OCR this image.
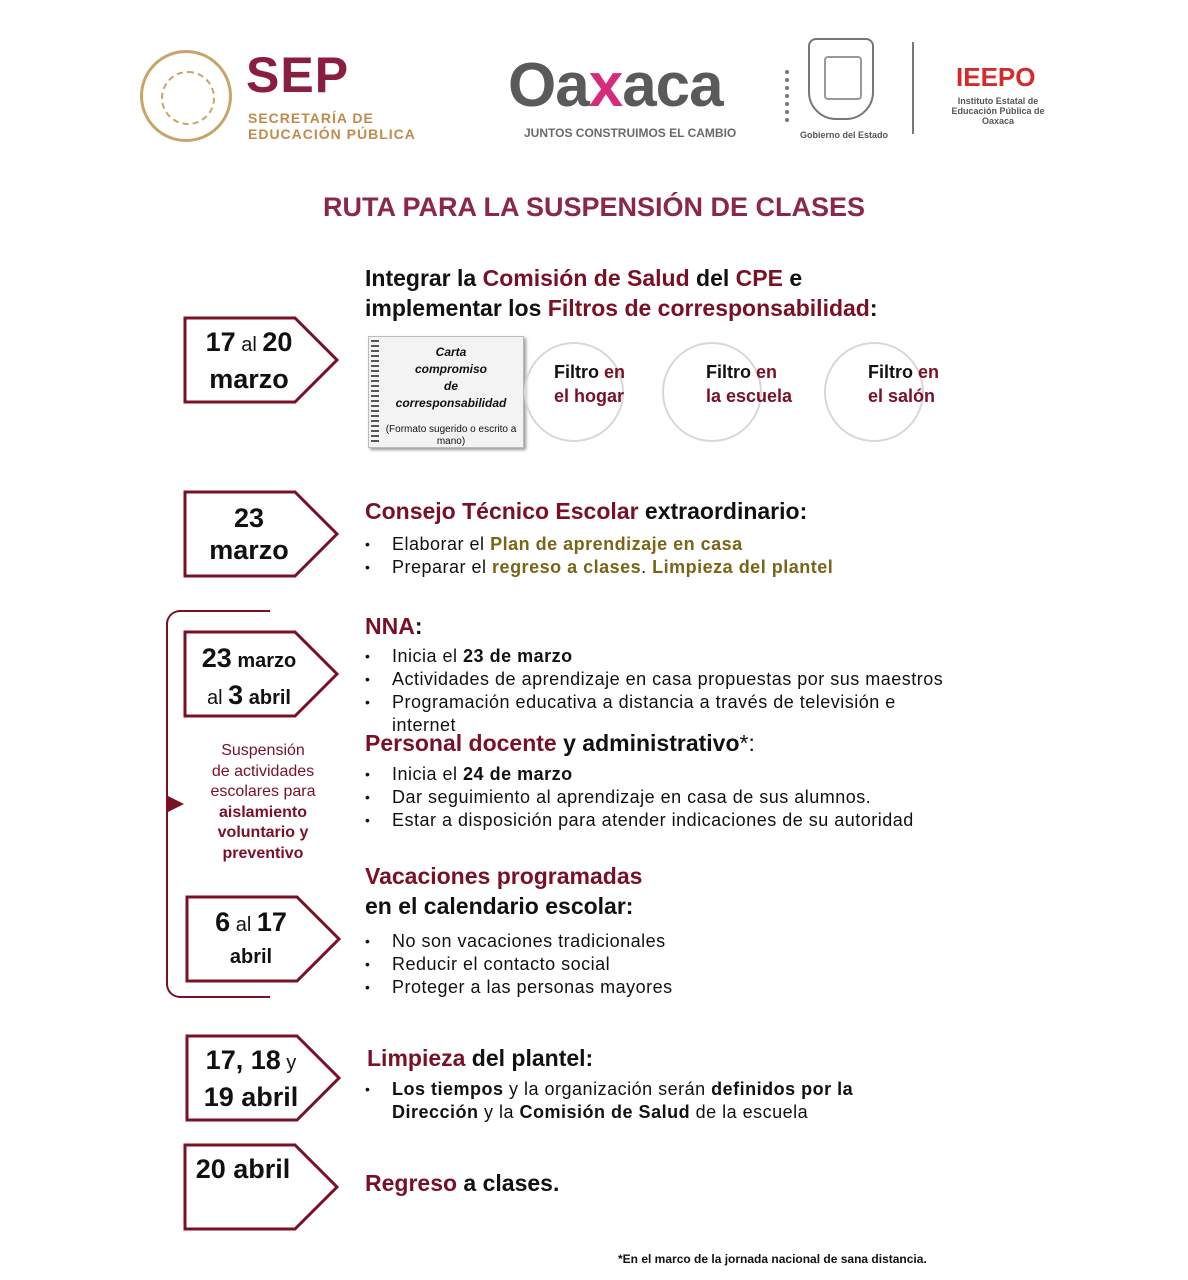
SEP
SECRETARÍA DE
EDUCACIÓN PÚBLICA
Oaxaca
JUNTOS CONSTRUIMOS EL CAMBIO	Gobierno del Estado
IEEPO
Instituto Estatal de Educación Pública de Oaxaca
RUTA PARA LA SUSPENSIÓN DE CLASES
17 al 20
marzo
Integrar la Comisión de Salud del CPE e
implementar los Filtros de corresponsabilidad:
Carta
compromiso
de
corresponsabilidad
(Formato sugerido o escrito a mano)
Filtro en
el hogar
Filtro en
la escuela
Filtro en
el salón
23
marzo
Consejo Técnico Escolar extraordinario:
• Elaborar el Plan de aprendizaje en casa
• Preparar el regreso a clases. Limpieza del plantel
Suspensión
de actividades
escolares para
aislamiento
voluntario y
preventivo
23 marzo
al 3 abril
NNA:
• Inicia el 23 de marzo
• Actividades de aprendizaje en casa propuestas por sus maestros
• Programación educativa a distancia a través de televisión e
internet
Personal docente y administrativo*:
• Inicia el 24 de marzo
• Dar seguimiento al aprendizaje en casa de sus alumnos.
• Estar a disposición para atender indicaciones de su autoridad
6 al 17
abril
Vacaciones programadas
en el calendario escolar:
• No son vacaciones tradicionales
• Reducir el contacto social
• Proteger a las personas mayores
17, 18 y
19 abril
Limpieza del plantel:
• Los tiempos y la organización serán definidos por la
Dirección y la Comisión de Salud de la escuela
20 abril	Regreso a clases.
*En el marco de la jornada nacional de sana distancia.
